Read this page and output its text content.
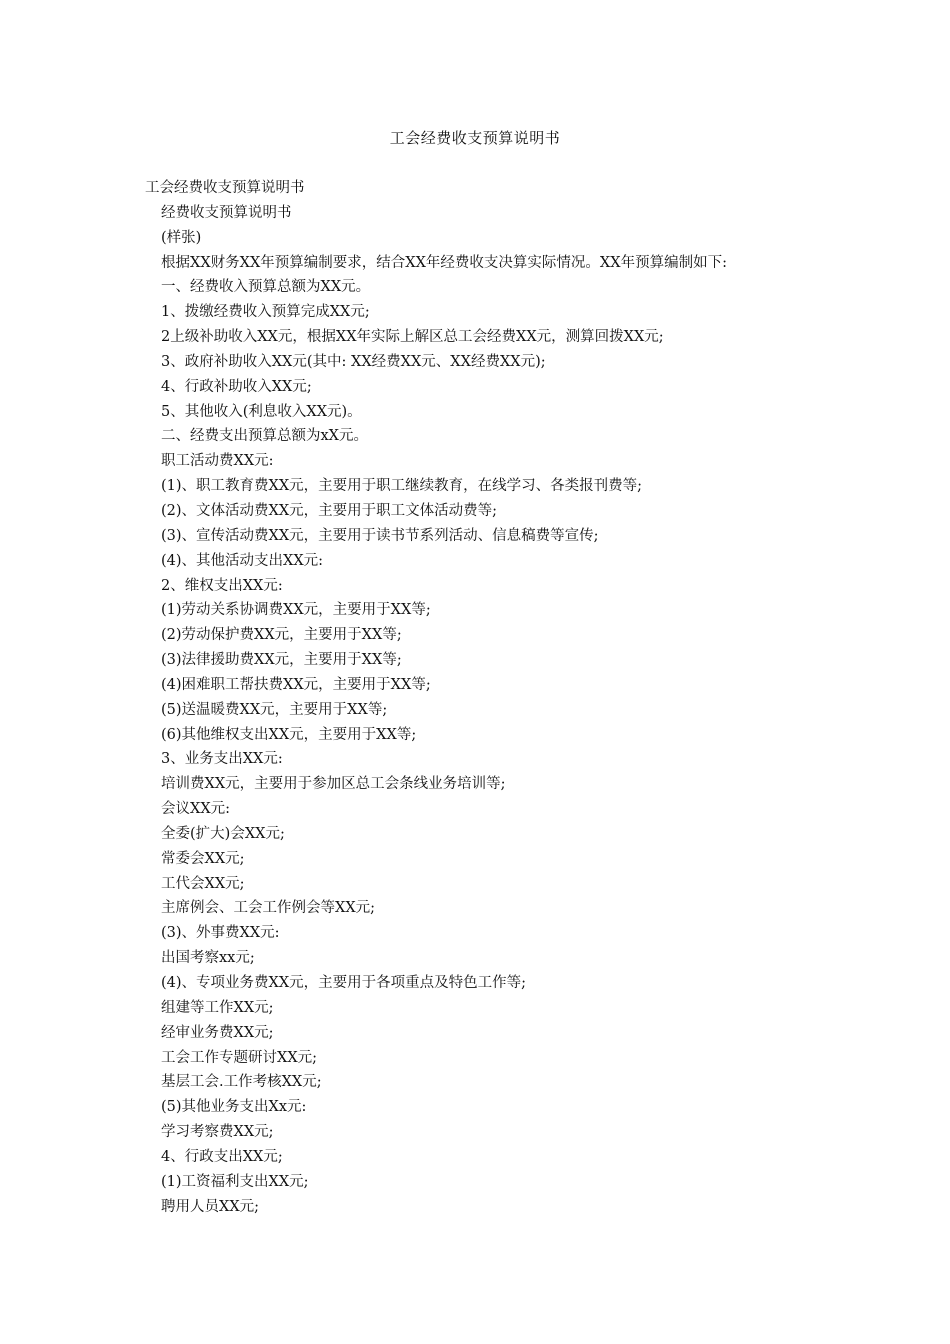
工会经费收支预算说明书
工会经费收支预算说明书
经费收支预算说明书
(样张)
根据XX财务XX年预算编制要求，结合XX年经费收支决算实际情况。XX年预算编制如下:
一、经费收入预算总额为XX元。
1、拨缴经费收入预算完成XX元;
2上级补助收入XX元，根据XX年实际上解区总工会经费XX元，测算回拨XX元;
3、政府补助收入XX元(其中: XX经费XX元、XX经费XX元);
4、行政补助收入XX元;
5、其他收入(利息收入XX元)。
二、经费支出预算总额为xX元。
职工活动费XX元:
(1)、职工教育费XX元，主要用于职工继续教育，在线学习、各类报刊费等;
(2)、文体活动费XX元，主要用于职工文体活动费等;
(3)、宣传活动费XX元，主要用于读书节系列活动、信息稿费等宣传;
(4)、其他活动支出XX元:
2、维权支出XX元:
(1)劳动关系协调费XX元，主要用于XX等;
(2)劳动保护费XX元，主要用于XX等;
(3)法律援助费XX元，主要用于XX等;
(4)困难职工帮扶费XX元，主要用于XX等;
(5)送温暖费XX元，主要用于XX等;
(6)其他维权支出XX元，主要用于XX等;
3、业务支出XX元:
培训费XX元，主要用于参加区总工会条线业务培训等;
会议XX元:
全委(扩大)会XX元;
常委会XX元;
工代会XX元;
主席例会、工会工作例会等XX元;
(3)、外事费XX元:
出国考察xx元;
(4)、专项业务费XX元，主要用于各项重点及特色工作等;
组建等工作XX元;
经审业务费XX元;
工会工作专题研讨XX元;
基层工会.工作考核XX元;
(5)其他业务支出Xx元:
学习考察费XX元;
4、行政支出XX元;
(1)工资福利支出XX元;
聘用人员XX元;
